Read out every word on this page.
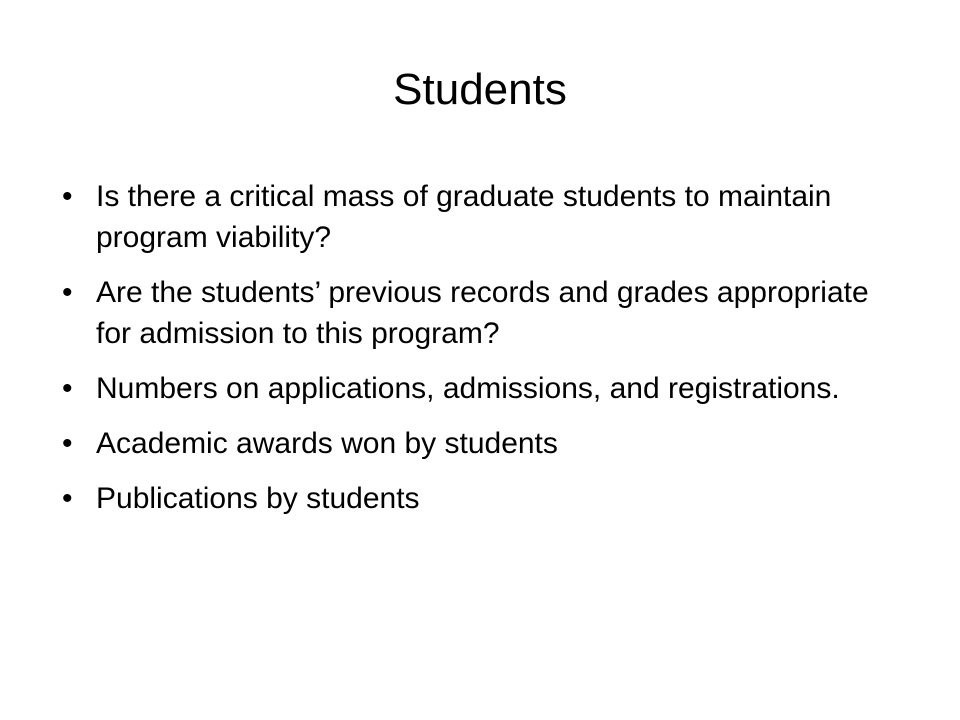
Students
• Is there a critical mass of graduate students to maintain program viability?
• Are the students’ previous records and grades appropriate for admission to this program?
• Numbers on applications, admissions, and registrations.
• Academic awards won by students
• Publications by students
